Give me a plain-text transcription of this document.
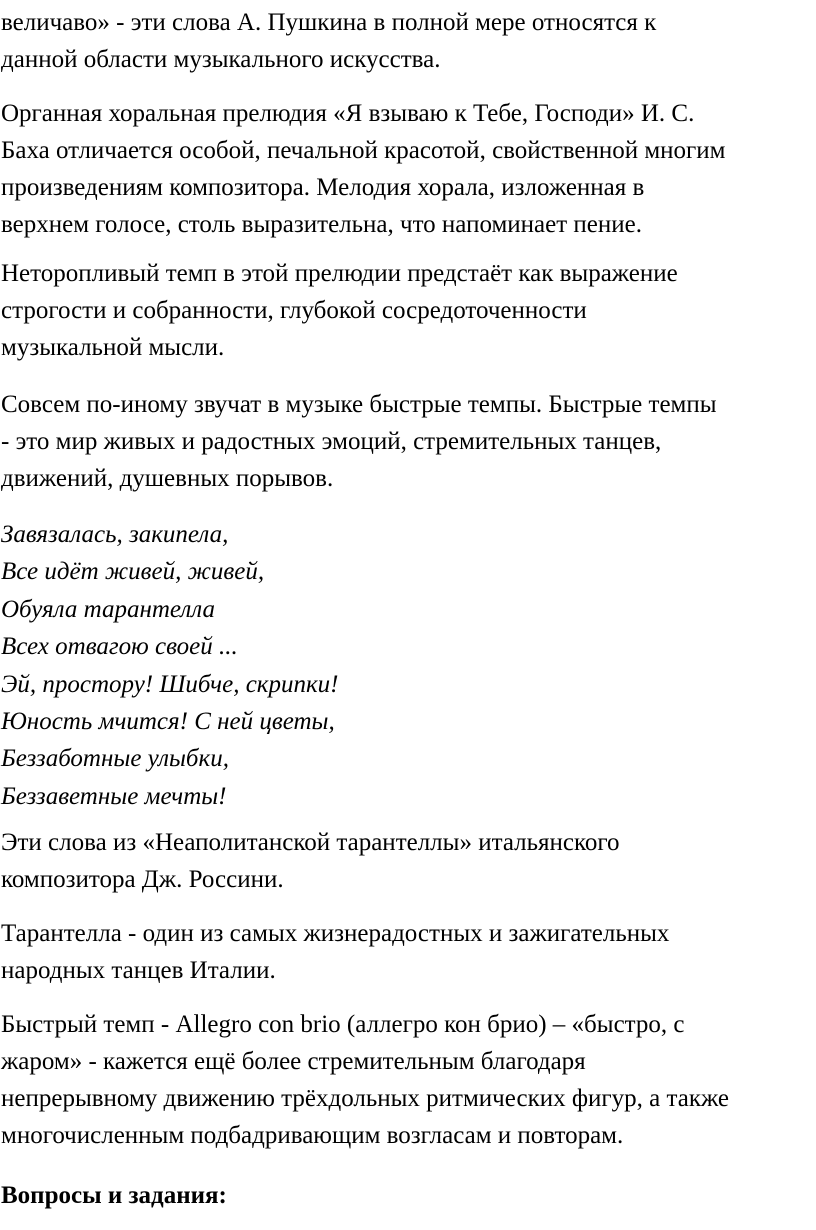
величаво» - эти слова А. Пушкина в полной мере относятся к
данной области музыкального искусства.

Органная хоральная прелюдия «Я взываю к Тебе, Господи» И. С.
Баха отличается особой, печальной красотой, свойственной многим
произведениям композитора. Мелодия хорала, изложенная в
верхнем голосе, столь выразительна, что напоминает пение.

Неторопливый темп в этой прелюдии предстаёт как выражение
строгости и собранности, глубокой сосредоточенности
музыкальной мысли.

Совсем по-иному звучат в музыке быстрые темпы. Быстрые темпы
- это мир живых и радостных эмоций, стремительных танцев,
движений, душевных порывов.

Завязалась, закипела,
Все идёт живей, живей,
Обуяла тарантелла
Всех отвагою своей ...
Эй, простору! Шибче, скрипки!
Юность мчится! С ней цветы,
Беззаботные улыбки,
Беззаветные мечты!

Эти слова из «Неаполитанской тарантеллы» итальянского
композитора Дж. Россини.

Тарантелла - один из самых жизнерадостных и зажигательных
народных танцев Италии.

Быстрый темп - Allegro con brio (аллегро кон брио) – «быстро, с
жаром» - кажется ещё более стремительным благодаря
непрерывному движению трёхдольных ритмических фигур, а также
многочисленным подбадривающим возгласам и повторам.

Вопросы и задания:
